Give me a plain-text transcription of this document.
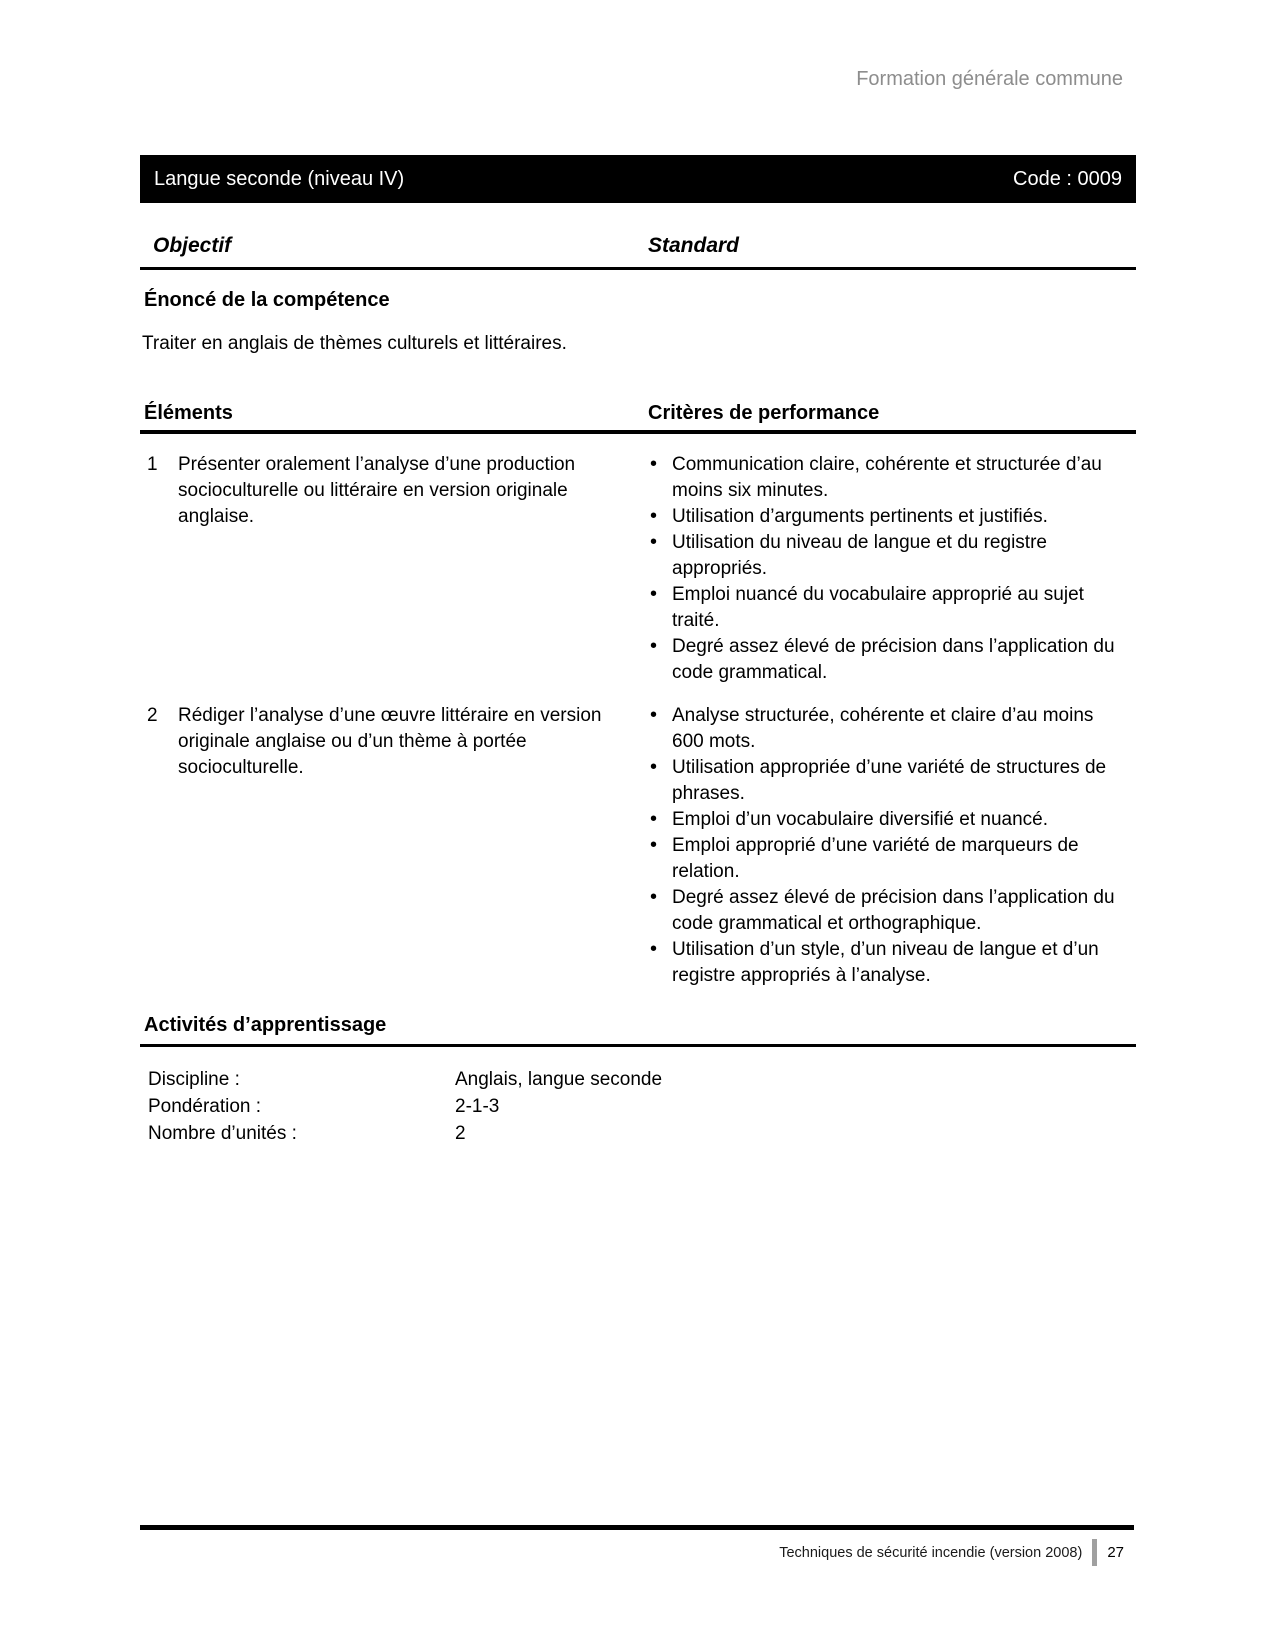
Formation générale commune
Langue seconde (niveau IV)	Code : 0009
Objectif	Standard
Énoncé de la compétence
Traiter en anglais de thèmes culturels et littéraires.
Éléments	Critères de performance
1	Présenter oralement l’analyse d’une production socioculturelle ou littéraire en version originale anglaise.
• Communication claire, cohérente et structurée d’au moins six minutes.
• Utilisation d’arguments pertinents et justifiés.
• Utilisation du niveau de langue et du registre appropriés.
• Emploi nuancé du vocabulaire approprié au sujet traité.
• Degré assez élevé de précision dans l’application du code grammatical.
2	Rédiger l’analyse d’une œuvre littéraire en version originale anglaise ou d’un thème à portée socioculturelle.
• Analyse structurée, cohérente et claire d’au moins 600 mots.
• Utilisation appropriée d’une variété de structures de phrases.
• Emploi d’un vocabulaire diversifié et nuancé.
• Emploi approprié d’une variété de marqueurs de relation.
• Degré assez élevé de précision dans l’application du code grammatical et orthographique.
• Utilisation d’un style, d’un niveau de langue et d’un registre appropriés à l’analyse.
Activités d’apprentissage
Discipline :	Anglais, langue seconde
Pondération :	2-1-3
Nombre d’unités :	2
Techniques de sécurité incendie (version 2008) 27
